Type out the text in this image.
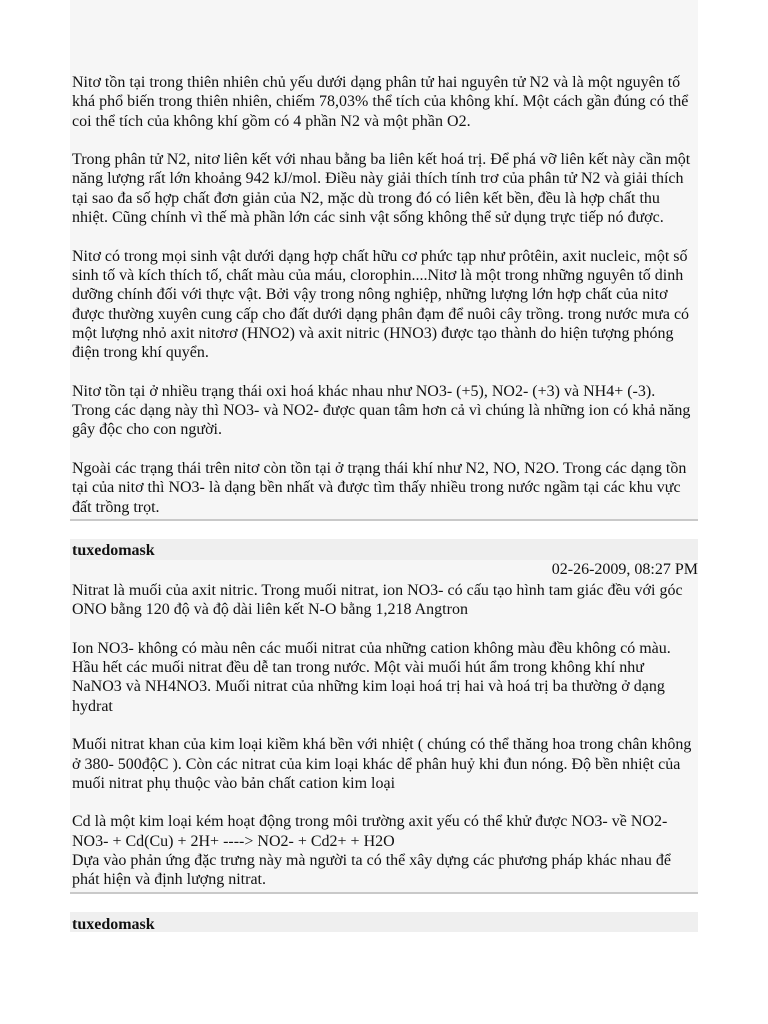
Nitơ tồn tại trong thiên nhiên chủ yếu dưới dạng phân tử hai nguyên tử N2 và là một nguyên tố khá phổ biến trong thiên nhiên, chiếm 78,03% thể tích của không khí. Một cách gần đúng có thể coi thể tích của không khí gồm có 4 phần N2 và một phần O2.

Trong phân tử N2, nitơ liên kết với nhau bằng ba liên kết hoá trị. Để phá vỡ liên kết này cần một năng lượng rất lớn khoảng 942 kJ/mol. Điều này giải thích tính trơ của phân tử N2 và giải thích tại sao đa số hợp chất đơn giản của N2, mặc dù trong đó có liên kết bền, đều là hợp chất thu nhiệt. Cũng chính vì thế mà phần lớn các sinh vật sống không thể sử dụng trực tiếp nó được.

Nitơ có trong mọi sinh vật dưới dạng hợp chất hữu cơ phức tạp như prôtêin, axit nucleic, một số sinh tố và kích thích tố, chất màu của máu, clorophin....Nitơ là một trong những nguyên tố dinh dưỡng chính đối với thực vật. Bởi vậy trong nông nghiệp, những lượng lớn hợp chất của nitơ được thường xuyên cung cấp cho đất dưới dạng phân đạm để nuôi cây trồng. trong nước mưa có một lượng nhỏ axit nitơrơ (HNO2) và axit nitric (HNO3) được tạo thành do hiện tượng phóng điện trong khí quyển.

Nitơ tồn tại ở nhiều trạng thái oxi hoá khác nhau như NO3- (+5), NO2- (+3) và NH4+ (-3). Trong các dạng này thì NO3- và NO2- được quan tâm hơn cả vì chúng là những ion có khả năng gây độc cho con người.

Ngoài các trạng thái trên nitơ còn tồn tại ở trạng thái khí như N2, NO, N2O. Trong các dạng tồn tại của nitơ thì NO3- là dạng bền nhất và được tìm thấy nhiều trong nước ngầm tại các khu vực đất trồng trọt.

tuxedomask
02-26-2009, 08:27 PM

Nitrat là muối của axit nitric. Trong muối nitrat, ion NO3- có cấu tạo hình tam giác đều với góc ONO bằng 120 độ và độ dài liên kết N-O bằng 1,218 Angtron

Ion NO3- không có màu nên các muối nitrat của những cation không màu đều không có màu. Hầu hết các muối nitrat đều dễ tan trong nước. Một vài muối hút ẩm trong không khí như NaNO3 và NH4NO3. Muối nitrat của những kim loại hoá trị hai và hoá trị ba thường ở dạng hydrat

Muối nitrat khan của kim loại kiềm khá bền với nhiệt ( chúng có thể thăng hoa trong chân không ở 380- 500độC ). Còn các nitrat của kim loại khác dể phân huỷ khi đun nóng. Độ bền nhiệt của muối nitrat phụ thuộc vào bản chất cation kim loại

Cd là một kim loại kém hoạt động trong môi trường axit yếu có thể khử được NO3- về NO2-

NO3- + Cd(Cu) + 2H+ ----> NO2- + Cd2+ + H2O

Dựa vào phản ứng đặc trưng này mà người ta có thể xây dựng các phương pháp khác nhau để phát hiện và định lượng nitrat.

tuxedomask
